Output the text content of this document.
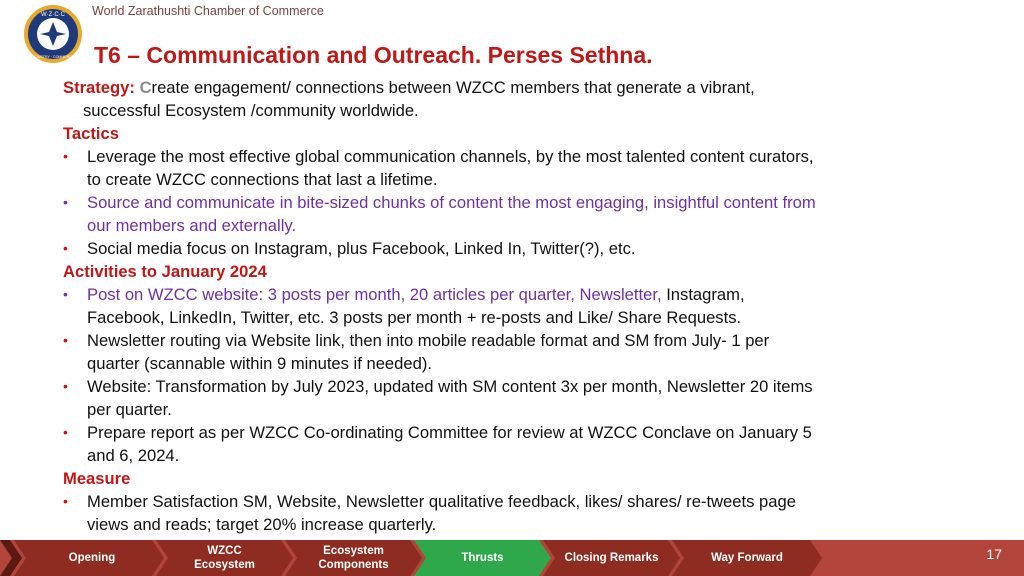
World Zarathushti Chamber of Commerce
W·Z·C·C
INDUSTRY · COMMERCE T6 – Communication and Outreach. Perses Sethna.
Strategy: Create engagement/ connections between WZCC members that generate a vibrant,
successful Ecosystem /community worldwide.
Tactics
• Leverage the most effective global communication channels, by the most talented content curators,
to create WZCC connections that last a lifetime.
• Source and communicate in bite-sized chunks of content the most engaging, insightful content from
our members and externally.
• Social media focus on Instagram, plus Facebook, Linked In, Twitter(?), etc.
Activities to January 2024
• Post on WZCC website: 3 posts per month, 20 articles per quarter, Newsletter, Instagram,
Facebook, LinkedIn, Twitter, etc. 3 posts per month + re-posts and Like/ Share Requests.
• Newsletter routing via Website link, then into mobile readable format and SM from July- 1 per
quarter (scannable within 9 minutes if needed).
• Website: Transformation by July 2023, updated with SM content 3x per month, Newsletter 20 items
per quarter.
• Prepare report as per WZCC Co-ordinating Committee for review at WZCC Conclave on January 5
and 6, 2024.
Measure
• Member Satisfaction SM, Website, Newsletter qualitative feedback, likes/ shares/ re-tweets page
views and reads; target 20% increase quarterly.
Opening
WZCC
Ecosystem
Ecosystem
Components
Thrusts	Closing Remarks	Way Forward	17
